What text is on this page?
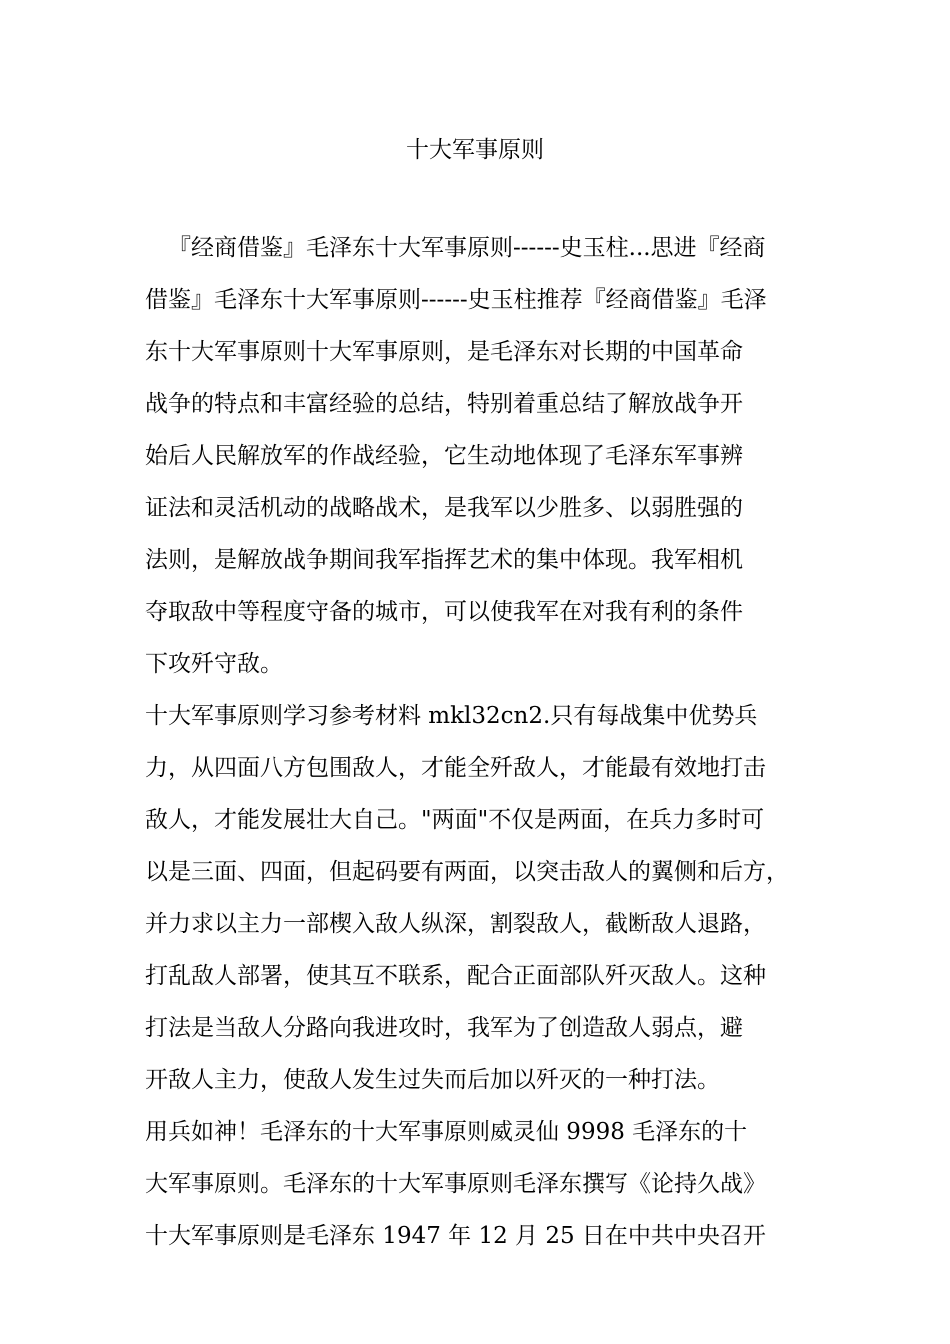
十大军事原则
『经商借鉴』毛泽东十大军事原则------史玉柱...思进『经商
借鉴』毛泽东十大军事原则------史玉柱推荐『经商借鉴』毛泽
东十大军事原则十大军事原则，是毛泽东对长期的中国革命
战争的特点和丰富经验的总结，特别着重总结了解放战争开
始后人民解放军的作战经验，它生动地体现了毛泽东军事辨
证法和灵活机动的战略战术，是我军以少胜多、以弱胜强的
法则，是解放战争期间我军指挥艺术的集中体现。我军相机
夺取敌中等程度守备的城市，可以使我军在对我有利的条件
下攻歼守敌。
十大军事原则学习参考材料 mkl32cn2.只有每战集中优势兵
力，从四面八方包围敌人，才能全歼敌人，才能最有效地打击
敌人，才能发展壮大自己。"两面"不仅是两面，在兵力多时可
以是三面、四面，但起码要有两面，以突击敌人的翼侧和后方，
并力求以主力一部楔入敌人纵深，割裂敌人，截断敌人退路，
打乱敌人部署，使其互不联系，配合正面部队歼灭敌人。这种
打法是当敌人分路向我进攻时，我军为了创造敌人弱点，避
开敌人主力，使敌人发生过失而后加以歼灭的一种打法。
用兵如神！毛泽东的十大军事原则威灵仙 9998 毛泽东的十
大军事原则。毛泽东的十大军事原则毛泽东撰写《论持久战》
十大军事原则是毛泽东 1947 年 12 月 25 日在中共中央召开
